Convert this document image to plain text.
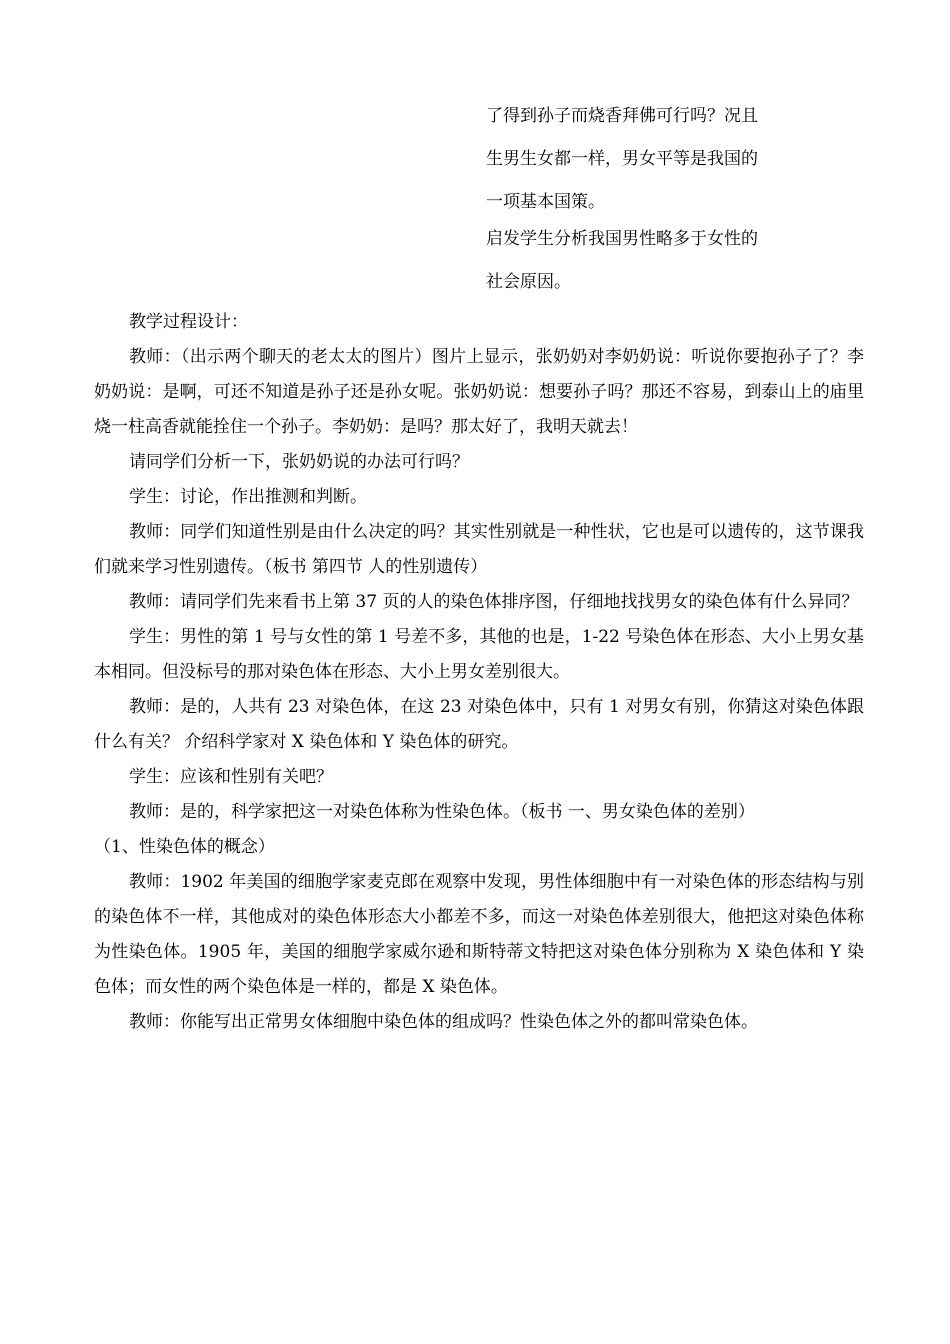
了得到孙子而烧香拜佛可行吗？况且
生男生女都一样，男女平等是我国的
一项基本国策。
启发学生分析我国男性略多于女性的
社会原因。

教学过程设计：

教师：（出示两个聊天的老太太的图片）图片上显示，张奶奶对李奶奶说：听说你要抱孙子了？李奶奶说：是啊，可还不知道是孙子还是孙女呢。张奶奶说：想要孙子吗？那还不容易，到泰山上的庙里烧一柱高香就能拴住一个孙子。李奶奶：是吗？那太好了，我明天就去！

请同学们分析一下，张奶奶说的办法可行吗？

学生：讨论，作出推测和判断。

教师：同学们知道性别是由什么决定的吗？其实性别就是一种性状，它也是可以遗传的，这节课我们就来学习性别遗传。（板书 第四节 人的性别遗传）

教师：请同学们先来看书上第 37 页的人的染色体排序图，仔细地找找男女的染色体有什么异同？

学生：男性的第 1 号与女性的第 1 号差不多，其他的也是，1-22 号染色体在形态、大小上男女基本相同。但没标号的那对染色体在形态、大小上男女差别很大。

教师：是的，人共有 23 对染色体，在这 23 对染色体中，只有 1 对男女有别，你猜这对染色体跟什么有关？ 介绍科学家对 X 染色体和 Y 染色体的研究。

学生：应该和性别有关吧？

教师：是的，科学家把这一对染色体称为性染色体。（板书 一、男女染色体的差别）

（1、性染色体的概念）

教师：1902 年美国的细胞学家麦克郎在观察中发现，男性体细胞中有一对染色体的形态结构与别的染色体不一样，其他成对的染色体形态大小都差不多，而这一对染色体差别很大，他把这对染色体称为性染色体。1905 年，美国的细胞学家威尔逊和斯特蒂文特把这对染色体分别称为 X 染色体和 Y 染色体；而女性的两个染色体是一样的，都是 X 染色体。

教师：你能写出正常男女体细胞中染色体的组成吗？性染色体之外的都叫常染色体。
